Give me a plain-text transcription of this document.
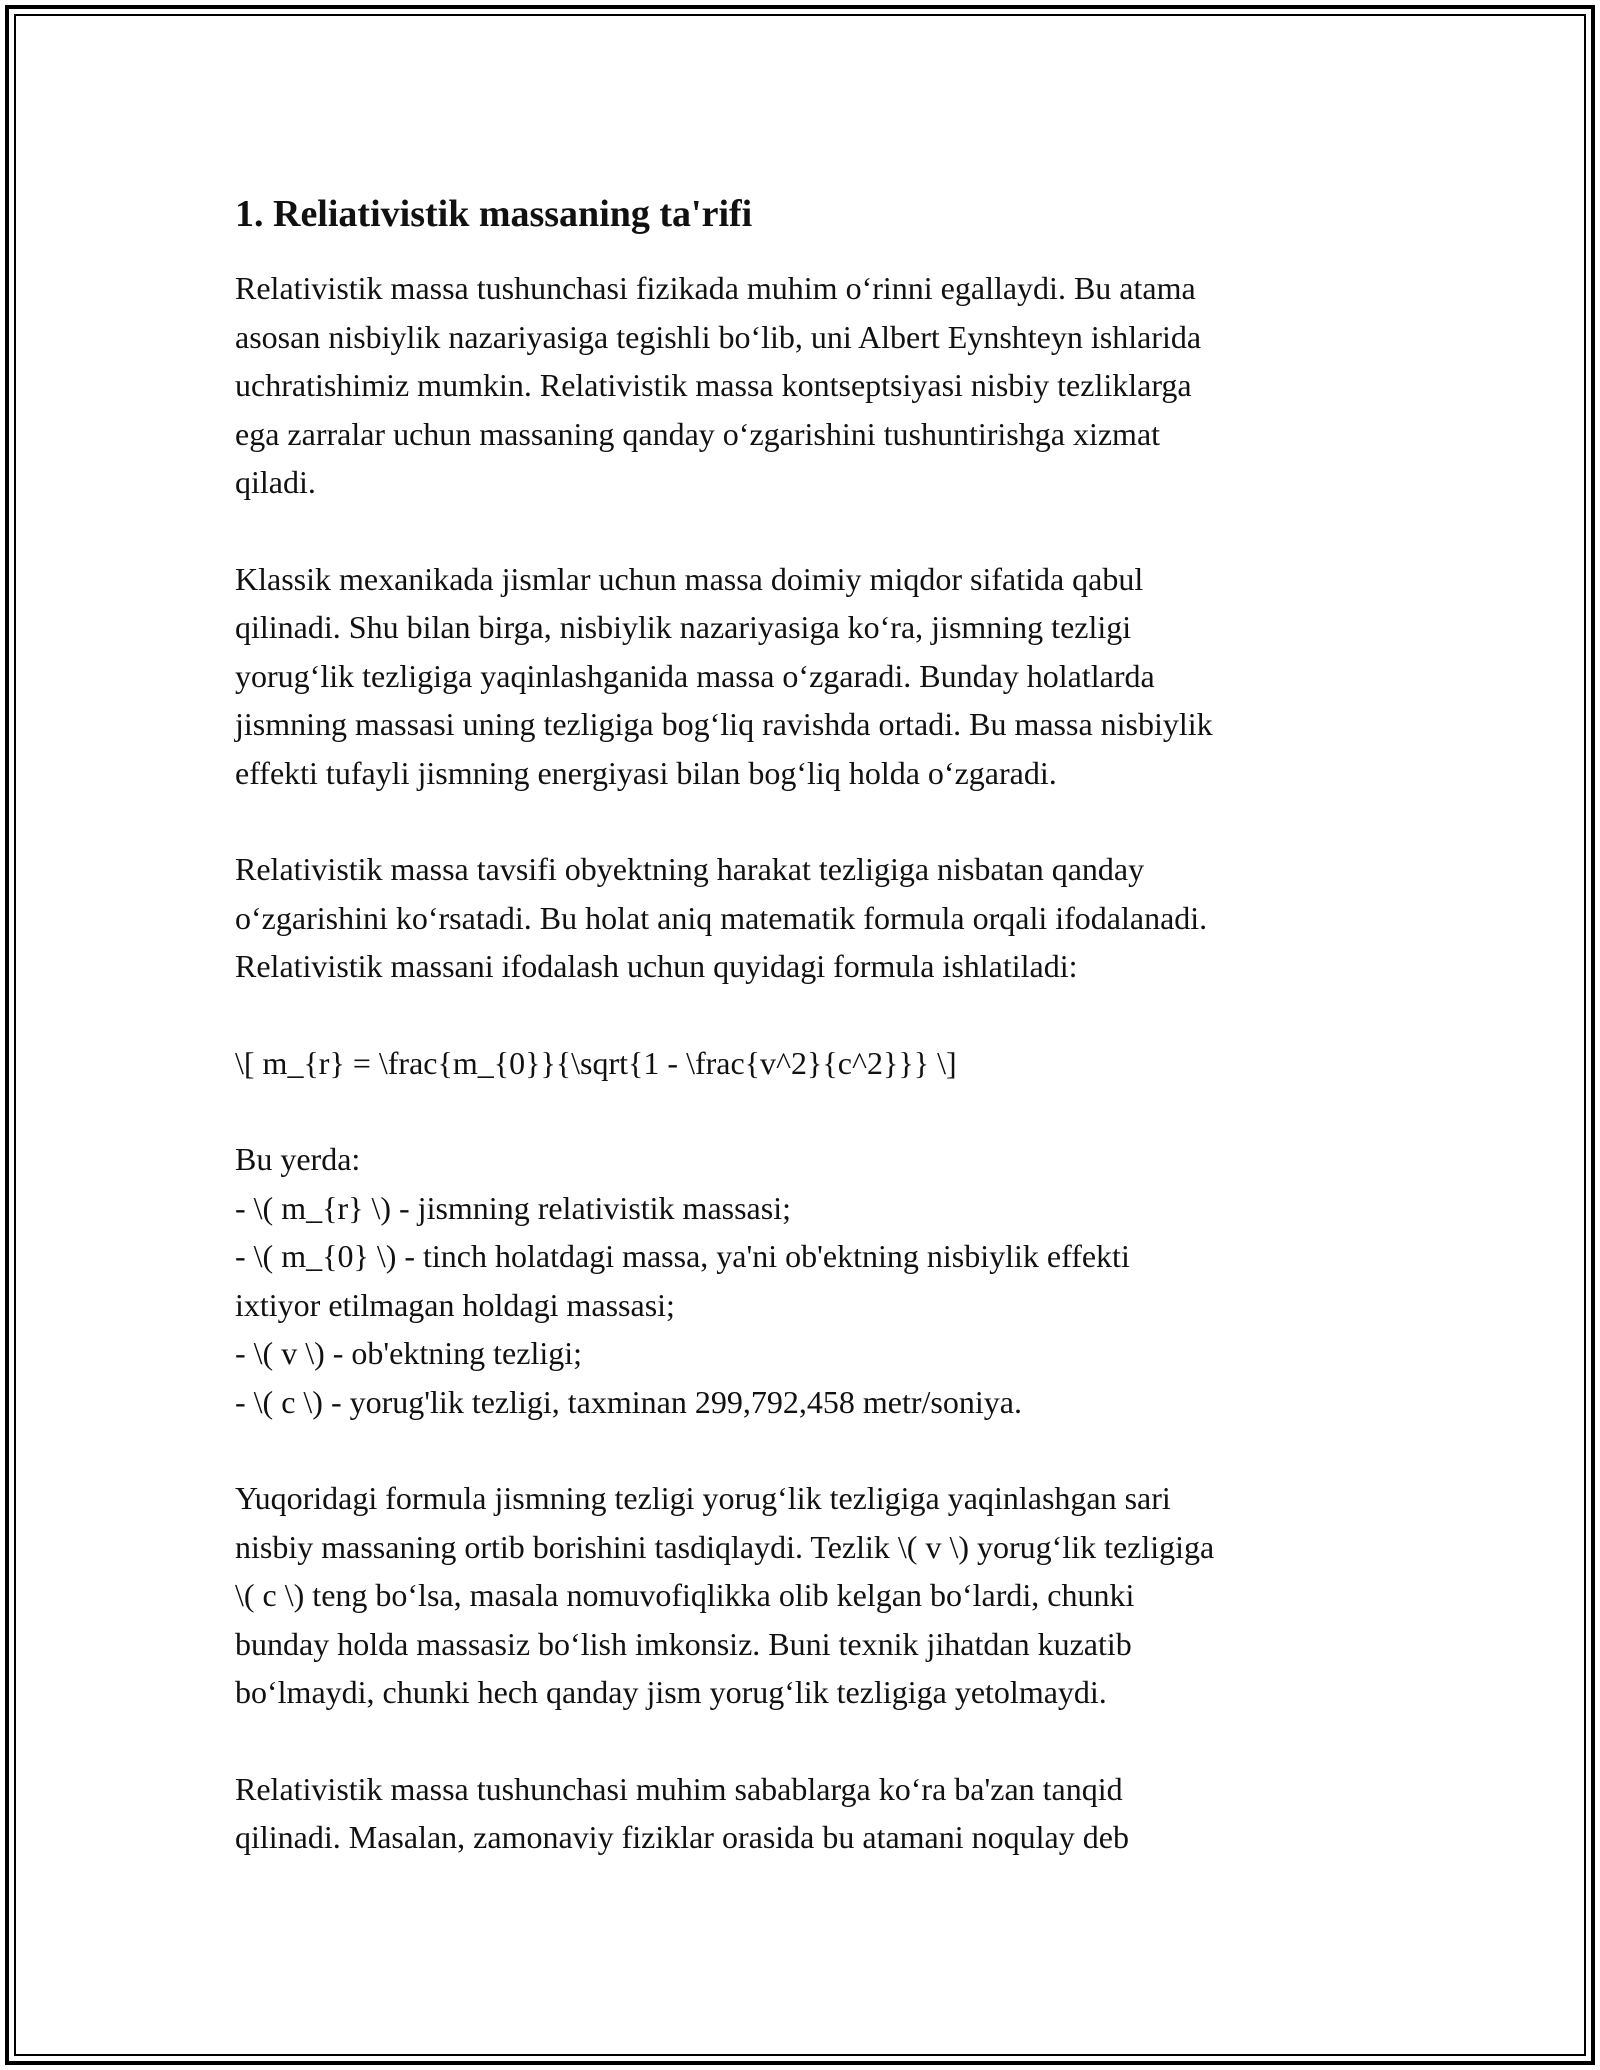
1. Reliativistik massaning ta'rifi

Relativistik massa tushunchasi fizikada muhim o‘rinni egallaydi. Bu atama
asosan nisbiylik nazariyasiga tegishli bo‘lib, uni Albert Eynshteyn ishlarida
uchratishimiz mumkin. Relativistik massa kontseptsiyasi nisbiy tezliklarga
ega zarralar uchun massaning qanday o‘zgarishini tushuntirishga xizmat
qiladi.

Klassik mexanikada jismlar uchun massa doimiy miqdor sifatida qabul
qilinadi. Shu bilan birga, nisbiylik nazariyasiga ko‘ra, jismning tezligi
yorug‘lik tezligiga yaqinlashganida massa o‘zgaradi. Bunday holatlarda
jismning massasi uning tezligiga bog‘liq ravishda ortadi. Bu massa nisbiylik
effekti tufayli jismning energiyasi bilan bog‘liq holda o‘zgaradi.

Relativistik massa tavsifi obyektning harakat tezligiga nisbatan qanday
o‘zgarishini ko‘rsatadi. Bu holat aniq matematik formula orqali ifodalanadi.
Relativistik massani ifodalash uchun quyidagi formula ishlatiladi:

\[ m_{r} = \frac{m_{0}}{\sqrt{1 - \frac{v^2}{c^2}}} \]

Bu yerda:
- \( m_{r} \) - jismning relativistik massasi;
- \( m_{0} \) - tinch holatdagi massa, ya'ni ob'ektning nisbiylik effekti
ixtiyor etilmagan holdagi massasi;
- \( v \) - ob'ektning tezligi;
- \( c \) - yorug'lik tezligi, taxminan 299,792,458 metr/soniya.

Yuqoridagi formula jismning tezligi yorug‘lik tezligiga yaqinlashgan sari
nisbiy massaning ortib borishini tasdiqlaydi. Tezlik \( v \) yorug‘lik tezligiga
\( c \) teng bo‘lsa, masala nomuvofiqlikka olib kelgan bo‘lardi, chunki
bunday holda massasiz bo‘lish imkonsiz. Buni texnik jihatdan kuzatib
bo‘lmaydi, chunki hech qanday jism yorug‘lik tezligiga yetolmaydi.

Relativistik massa tushunchasi muhim sabablarga ko‘ra ba'zan tanqid
qilinadi. Masalan, zamonaviy fiziklar orasida bu atamani noqulay deb
